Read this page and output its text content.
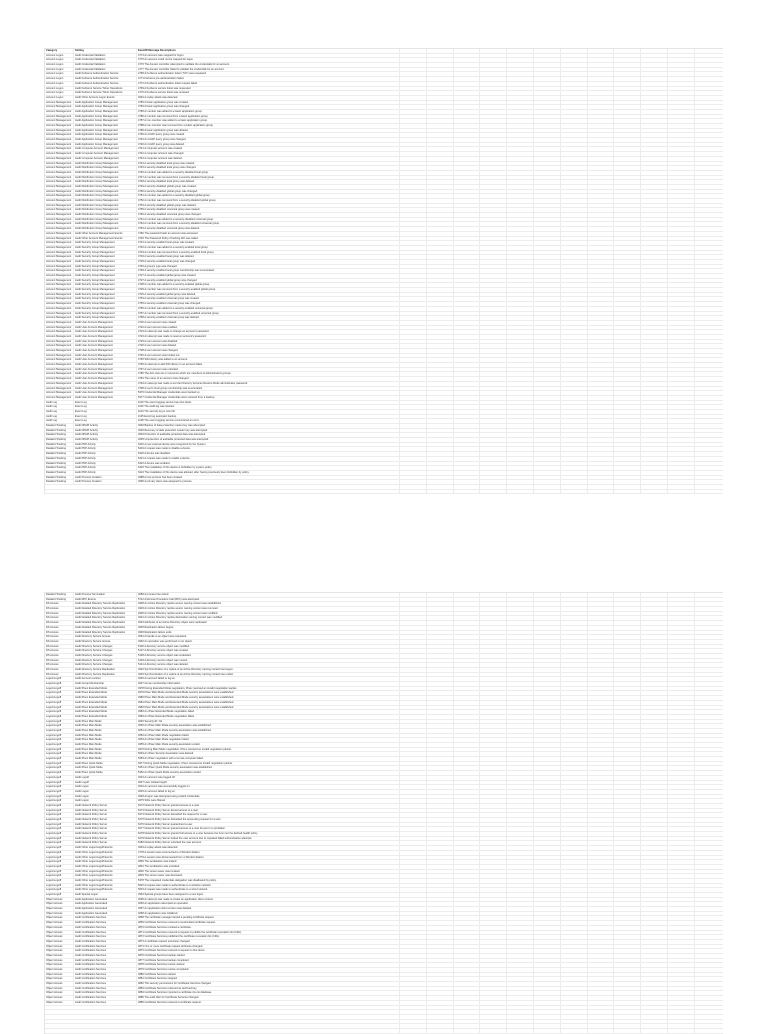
Category	Setting	EventID Message Descriptions
Account Logon	Audit Credential Validation	4774 An account was mapped for logon.
Account Logon	Audit Credential Validation	4775 An account could not be mapped for logon.
Account Logon	Audit Credential Validation	4776 The domain controller attempted to validate the credentials for an account.
Account Logon	Audit Credential Validation	4777 The domain controller failed to validate the credentials for an account.
Account Logon	Audit Kerberos Authentication Service	4768 A Kerberos authentication ticket (TGT) was requested.
Account Logon	Audit Kerberos Authentication Service	4771 Kerberos pre-authentication failed.
Account Logon	Audit Kerberos Authentication Service	4772 A Kerberos authentication ticket request failed.
Account Logon	Audit Kerberos Service Ticket Operations	4769 A Kerberos service ticket was requested.
Account Logon	Audit Kerberos Service Ticket Operations	4770 A Kerberos service ticket was renewed.
Account Logon	Audit Other Account Logon Events	4649 A replay attack was detected.
Account Management	Audit Application Group Management	4783 A basic application group was created.
Account Management	Audit Application Group Management	4784 A basic application group was changed.
Account Management	Audit Application Group Management	4785 A member was added to a basic application group.
Account Management	Audit Application Group Management	4786 A member was removed from a basic application group.
Account Management	Audit Application Group Management	4787 A non-member was added to a basic application group.
Account Management	Audit Application Group Management	4788 A non-member was removed from a basic application group.
Account Management	Audit Application Group Management	4789 A basic application group was deleted.
Account Management	Audit Application Group Management	4790 An LDAP query group was created.
Account Management	Audit Application Group Management	4791 An LDAP query group was changed.
Account Management	Audit Application Group Management	4792 An LDAP query group was deleted.
Account Management	Audit Computer Account Management	4741 A computer account was created.
Account Management	Audit Computer Account Management	4742 A computer account was changed.
Account Management	Audit Computer Account Management	4743 A computer account was deleted.
Account Management	Audit Distribution Group Management	4744 A security-disabled local group was created.
Account Management	Audit Distribution Group Management	4745 A security-disabled local group was changed.
Account Management	Audit Distribution Group Management	4746 A member was added to a security-disabled local group.
Account Management	Audit Distribution Group Management	4747 A member was removed from a security-disabled local group.
Account Management	Audit Distribution Group Management	4748 A security-disabled local group was deleted.
Account Management	Audit Distribution Group Management	4749 A security-disabled global group was created.
Account Management	Audit Distribution Group Management	4750 A security-disabled global group was changed.
Account Management	Audit Distribution Group Management	4751 A member was added to a security-disabled global group.
Account Management	Audit Distribution Group Management	4752 A member was removed from a security-disabled global group.
Account Management	Audit Distribution Group Management	4753 A security-disabled global group was deleted.
Account Management	Audit Distribution Group Management	4759 A security-disabled universal group was created.
Account Management	Audit Distribution Group Management	4760 A security-disabled universal group was changed.
Account Management	Audit Distribution Group Management	4761 A member was added to a security-disabled universal group.
Account Management	Audit Distribution Group Management	4762 A member was removed from a security-disabled universal group.
Account Management	Audit Distribution Group Management	4763 A security-disabled universal group was deleted.
Account Management	Audit Other Account Management Events	4782 The password hash an account was accessed.
Account Management	Audit Other Account Management Events	4793 The Password Policy Checking API was called.
Account Management	Audit Security Group Management	4731 A security-enabled local group was created.
Account Management	Audit Security Group Management	4732 A member was added to a security-enabled local group.
Account Management	Audit Security Group Management	4733 A member was removed from a security-enabled local group.
Account Management	Audit Security Group Management	4734 A security-enabled local group was deleted.
Account Management	Audit Security Group Management	4735 A security-enabled local group was changed.
Account Management	Audit Security Group Management	4764 A group's type was changed.
Account Management	Audit Security Group Management	4799 A security-enabled local group membership was enumerated.
Account Management	Audit Security Group Management	4727 A security-enabled global group was created.
Account Management	Audit Security Group Management	4737 A security-enabled global group was changed.
Account Management	Audit Security Group Management	4728 A member was added to a security-enabled global group.
Account Management	Audit Security Group Management	4729 A member was removed from a security-enabled global group.
Account Management	Audit Security Group Management	4730 A security-enabled global group was deleted.
Account Management	Audit Security Group Management	4754 A security-enabled universal group was created.
Account Management	Audit Security Group Management	4755 A security-enabled universal group was changed.
Account Management	Audit Security Group Management	4756 A member was added to a security-enabled universal group.
Account Management	Audit Security Group Management	4757 A member was removed from a security-enabled universal group.
Account Management	Audit Security Group Management	4758 A security-enabled universal group was deleted.
Account Management	Audit User Account Management	4720 A user account was created.
Account Management	Audit User Account Management	4722 A user account was enabled.
Account Management	Audit User Account Management	4723 An attempt was made to change an account's password.
Account Management	Audit User Account Management	4724 An attempt was made to reset an account's password.
Account Management	Audit User Account Management	4725 A user account was disabled.
Account Management	Audit User Account Management	4726 A user account was deleted.
Account Management	Audit User Account Management	4738 A user account was changed.
Account Management	Audit User Account Management	4740 A user account was locked out.
Account Management	Audit User Account Management	4765 SID History was added to an account.
Account Management	Audit User Account Management	4766 An attempt to add SID History to an account failed.
Account Management	Audit User Account Management	4767 A user account was unlocked.
Account Management	Audit User Account Management	4780 The ACL was set on accounts which are members of administrators groups.
Account Management	Audit User Account Management	4781 The name of an account was changed.
Account Management	Audit User Account Management	4794 An attempt was made to set the Directory Services Restore Mode administrator password.
Account Management	Audit User Account Management	4798 A user's local group membership was enumerated.
Account Management	Audit User Account Management	5376 Credential Manager credentials were backed up.
Account Management	Audit User Account Management	5377 Credential Manager credentials were restored from a backup.
Audit Log	Event Log	1100 The event logging service has shut down.
Audit Log	Event Log	1102 The audit log was cleared.
Audit Log	Event Log	1104 The security log is now full.
Audit Log	Event Log	1105 Event log automatic backup.
Audit Log	Event Log	1108 The event logging service encountered an error.
Detailed Tracking	Audit DPAPI Activity	4692 Backup of data protection master key was attempted.
Detailed Tracking	Audit DPAPI Activity	4693 Recovery of data protection master key was attempted.
Detailed Tracking	Audit DPAPI Activity	4694 Protection of auditable protected data was attempted.
Detailed Tracking	Audit DPAPI Activity	4695 Unprotection of auditable protected data was attempted.
Detailed Tracking	Audit PNP Activity	6416 A new external device was recognized by the System.
Detailed Tracking	Audit PNP Activity	6419 A request was made to disable a device.
Detailed Tracking	Audit PNP Activity	6420 A device was disabled.
Detailed Tracking	Audit PNP Activity	6421 A request was made to enable a device.
Detailed Tracking	Audit PNP Activity	6422 A device was enabled.
Detailed Tracking	Audit PNP Activity	6423 The installation of this device is forbidden by system policy.
Detailed Tracking	Audit PNP Activity	6424 The installation of this device was allowed, after having previously been forbidden by policy.
Detailed Tracking	Audit Process Creation	4688 A new process has been created.
Detailed Tracking	Audit Process Creation	4696 A primary token was assigned to process.
Detailed Tracking	Audit Process Termination	4689 A process has exited.
Detailed Tracking	Audit RPC Events	5712 A Remote Procedure Call (RPC) was attempted.
DS Access	Audit Detailed Directory Service Replication	4928 An Active Directory replica source naming context was established.
DS Access	Audit Detailed Directory Service Replication	4929 An Active Directory replica source naming context was removed.
DS Access	Audit Detailed Directory Service Replication	4930 An Active Directory replica source naming context was modified.
DS Access	Audit Detailed Directory Service Replication	4931 An Active Directory replica destination naming context was modified.
DS Access	Audit Detailed Directory Service Replication	4934 Attributes of an Active Directory object were replicated.
DS Access	Audit Detailed Directory Service Replication	4935 Replication failure begins.
DS Access	Audit Detailed Directory Service Replication	4936 Replication failure ends.
DS Access	Audit Directory Service Access	4661 A handle to an object was requested.
DS Access	Audit Directory Service Access	4662 An operation was performed on an object.
DS Access	Audit Directory Service Changes	5136 A directory service object was modified.
DS Access	Audit Directory Service Changes	5137 A directory service object was created.
DS Access	Audit Directory Service Changes	5138 A directory service object was undeleted.
DS Access	Audit Directory Service Changes	5139 A directory service object was moved.
DS Access	Audit Directory Service Changes	5141 A directory service object was deleted.
DS Access	Audit Directory Service Replication	4932 Synchronization of a replica of an Active Directory naming context has begun.
DS Access	Audit Directory Service Replication	4933 Synchronization of a replica of an Active Directory naming context has ended.
Logon/Logoff	Audit Account Lockout	4625 An account failed to log on.
Logon/Logoff	Audit Group Membership	4627 Group membership information.
Logon/Logoff	Audit IPsec Extended Mode	4978 During Extended Mode negotiation, IPsec received an invalid negotiation packet.
Logon/Logoff	Audit IPsec Extended Mode	4979 IPsec Main Mode and Extended Mode security associations were established.
Logon/Logoff	Audit IPsec Extended Mode	4980 IPsec Main Mode and Extended Mode security associations were established.
Logon/Logoff	Audit IPsec Extended Mode	4981 IPsec Main Mode and Extended Mode security associations were established.
Logon/Logoff	Audit IPsec Extended Mode	4982 IPsec Main Mode and Extended Mode security associations were established.
Logon/Logoff	Audit IPsec Extended Mode	4983 An IPsec Extended Mode negotiation failed.
Logon/Logoff	Audit IPsec Extended Mode	4984 An IPsec Extended Mode negotiation failed.
Logon/Logoff	Audit IPsec Main Mode	4646 Security ID: %1
Logon/Logoff	Audit IPsec Main Mode	4650 An IPsec Main Mode security association was established.
Logon/Logoff	Audit IPsec Main Mode	4651 An IPsec Main Mode security association was established.
Logon/Logoff	Audit IPsec Main Mode	4652 An IPsec Main Mode negotiation failed.
Logon/Logoff	Audit IPsec Main Mode	4653 An IPsec Main Mode negotiation failed.
Logon/Logoff	Audit IPsec Main Mode	4655 An IPsec Main Mode security association ended.
Logon/Logoff	Audit IPsec Main Mode	4976 During Main Mode negotiation, IPsec received an invalid negotiation packet.
Logon/Logoff	Audit IPsec Main Mode	5049 An IPsec Security Association was deleted.
Logon/Logoff	Audit IPsec Main Mode	5453 An IPsec negotiation with a remote computer failed.
Logon/Logoff	Audit IPsec Quick Mode	4977 During Quick Mode negotiation, IPsec received an invalid negotiation packet.
Logon/Logoff	Audit IPsec Quick Mode	5451 An IPsec Quick Mode security association was established.
Logon/Logoff	Audit IPsec Quick Mode	5452 An IPsec Quick Mode security association ended.
Logon/Logoff	Audit Logoff	4634 An account was logged off.
Logon/Logoff	Audit Logoff	4647 User initiated logoff.
Logon/Logoff	Audit Logon	4624 An account was successfully logged on.
Logon/Logoff	Audit Logon	4625 An account failed to log on.
Logon/Logoff	Audit Logon	4648 A logon was attempted using explicit credentials.
Logon/Logoff	Audit Logon	4675 SIDs were filtered.
Logon/Logoff	Audit Network Policy Server	6272 Network Policy Server granted access to a user.
Logon/Logoff	Audit Network Policy Server	6273 Network Policy Server denied access to a user.
Logon/Logoff	Audit Network Policy Server	6274 Network Policy Server discarded the request for a user.
Logon/Logoff	Audit Network Policy Server	6275 Network Policy Server discarded the accounting request for a user.
Logon/Logoff	Audit Network Policy Server	6276 Network Policy Server quarantined a user.
Logon/Logoff	Audit Network Policy Server	6277 Network Policy Server granted access to a user but put it on probation.
Logon/Logoff	Audit Network Policy Server	6278 Network Policy Server granted full access to a user because the host met the defined health policy.
Logon/Logoff	Audit Network Policy Server	6279 Network Policy Server locked the user account due to repeated failed authentication attempts.
Logon/Logoff	Audit Network Policy Server	6280 Network Policy Server unlocked the user account.
Logon/Logoff	Audit Other Logon/Logoff Events	4649 A replay attack was detected.
Logon/Logoff	Audit Other Logon/Logoff Events	4778 A session was reconnected to a Window Station.
Logon/Logoff	Audit Other Logon/Logoff Events	4779 A session was disconnected from a Window Station.
Logon/Logoff	Audit Other Logon/Logoff Events	4800 The workstation was locked.
Logon/Logoff	Audit Other Logon/Logoff Events	4801 The workstation was unlocked.
Logon/Logoff	Audit Other Logon/Logoff Events	4802 The screen saver was invoked.
Logon/Logoff	Audit Other Logon/Logoff Events	4803 The screen saver was dismissed.
Logon/Logoff	Audit Other Logon/Logoff Events	5378 The requested credentials delegation was disallowed by policy.
Logon/Logoff	Audit Other Logon/Logoff Events	5632 A request was made to authenticate to a wireless network.
Logon/Logoff	Audit Other Logon/Logoff Events	5633 A request was made to authenticate to a wired network.
Logon/Logoff	Audit Special Logon	4964 Special groups have been assigned to a new logon.
Object Access	Audit Application Generated	4665 An attempt was made to create an application client context.
Object Access	Audit Application Generated	4666 An application attempted an operation.
Object Access	Audit Application Generated	4667 An application client context was deleted.
Object Access	Audit Application Generated	4668 An application was initialized.
Object Access	Audit Certification Services	4868 The certificate manager denied a pending certificate request.
Object Access	Audit Certification Services	4869 Certificate Services received a resubmitted certificate request.
Object Access	Audit Certification Services	4870 Certificate Services revoked a certificate.
Object Access	Audit Certification Services	4871 Certificate Services received a request to publish the certificate revocation list (CRL).
Object Access	Audit Certification Services	4872 Certificate Services published the certificate revocation list (CRL).
Object Access	Audit Certification Services	4873 A certificate request extension changed.
Object Access	Audit Certification Services	4874 One or more certificate request attributes changed.
Object Access	Audit Certification Services	4875 Certificate Services received a request to shut down.
Object Access	Audit Certification Services	4876 Certificate Services backup started.
Object Access	Audit Certification Services	4877 Certificate Services backup completed.
Object Access	Audit Certification Services	4878 Certificate Services restore started.
Object Access	Audit Certification Services	4879 Certificate Services restore completed.
Object Access	Audit Certification Services	4880 Certificate Services started.
Object Access	Audit Certification Services	4881 Certificate Services stopped.
Object Access	Audit Certification Services	4882 The security permissions for Certificate Services changed.
Object Access	Audit Certification Services	4883 Certificate Services retrieved an archived key.
Object Access	Audit Certification Services	4884 Certificate Services imported a certificate into its database.
Object Access	Audit Certification Services	4885 The audit filter for Certificate Services changed.
Object Access	Audit Certification Services	4886 Certificate Services received a certificate request.
